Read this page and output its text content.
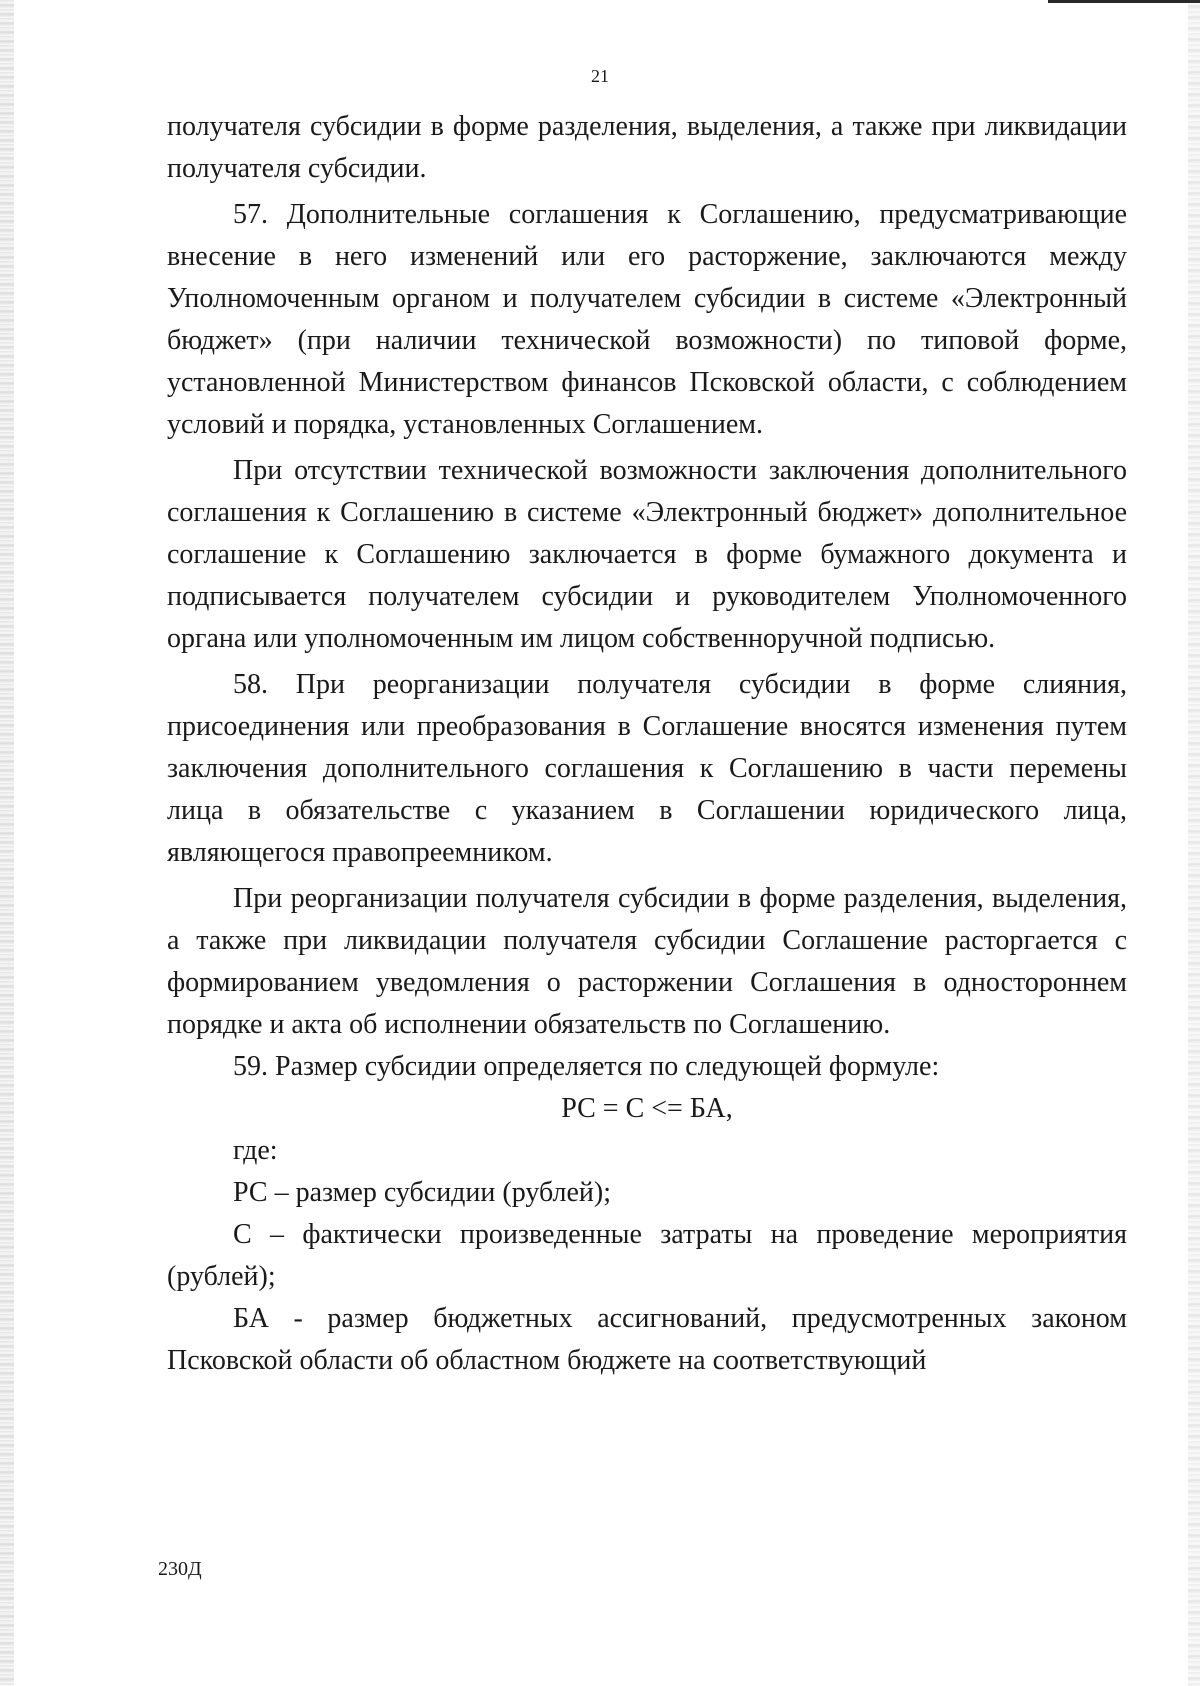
21

получателя субсидии в форме разделения, выделения, а также при ликвидации получателя субсидии.

57. Дополнительные соглашения к Соглашению, предусматривающие внесение в него изменений или его расторжение, заключаются между Уполномоченным органом и получателем субсидии в системе «Электронный бюджет» (при наличии технической возможности) по типовой форме, установленной Министерством финансов Псковской области, с соблюдением условий и порядка, установленных Соглашением.

При отсутствии технической возможности заключения дополнительного соглашения к Соглашению в системе «Электронный бюджет» дополнительное соглашение к Соглашению заключается в форме бумажного документа и подписывается получателем субсидии и руководителем Уполномоченного органа или уполномоченным им лицом собственноручной подписью.

58. При реорганизации получателя субсидии в форме слияния, присоединения или преобразования в Соглашение вносятся изменения путем заключения дополнительного соглашения к Соглашению в части перемены лица в обязательстве с указанием в Соглашении юридического лица, являющегося правопреемником.

При реорганизации получателя субсидии в форме разделения, выделения, а также при ликвидации получателя субсидии Соглашение расторгается с формированием уведомления о расторжении Соглашения в одностороннем порядке и акта об исполнении обязательств по Соглашению.

59. Размер субсидии определяется по следующей формуле:

РС = С <= БА,

где:

РС – размер субсидии (рублей);

С – фактически произведенные затраты на проведение мероприятия (рублей);

БА - размер бюджетных ассигнований, предусмотренных законом Псковской области об областном бюджете на соответствующий

230Д
